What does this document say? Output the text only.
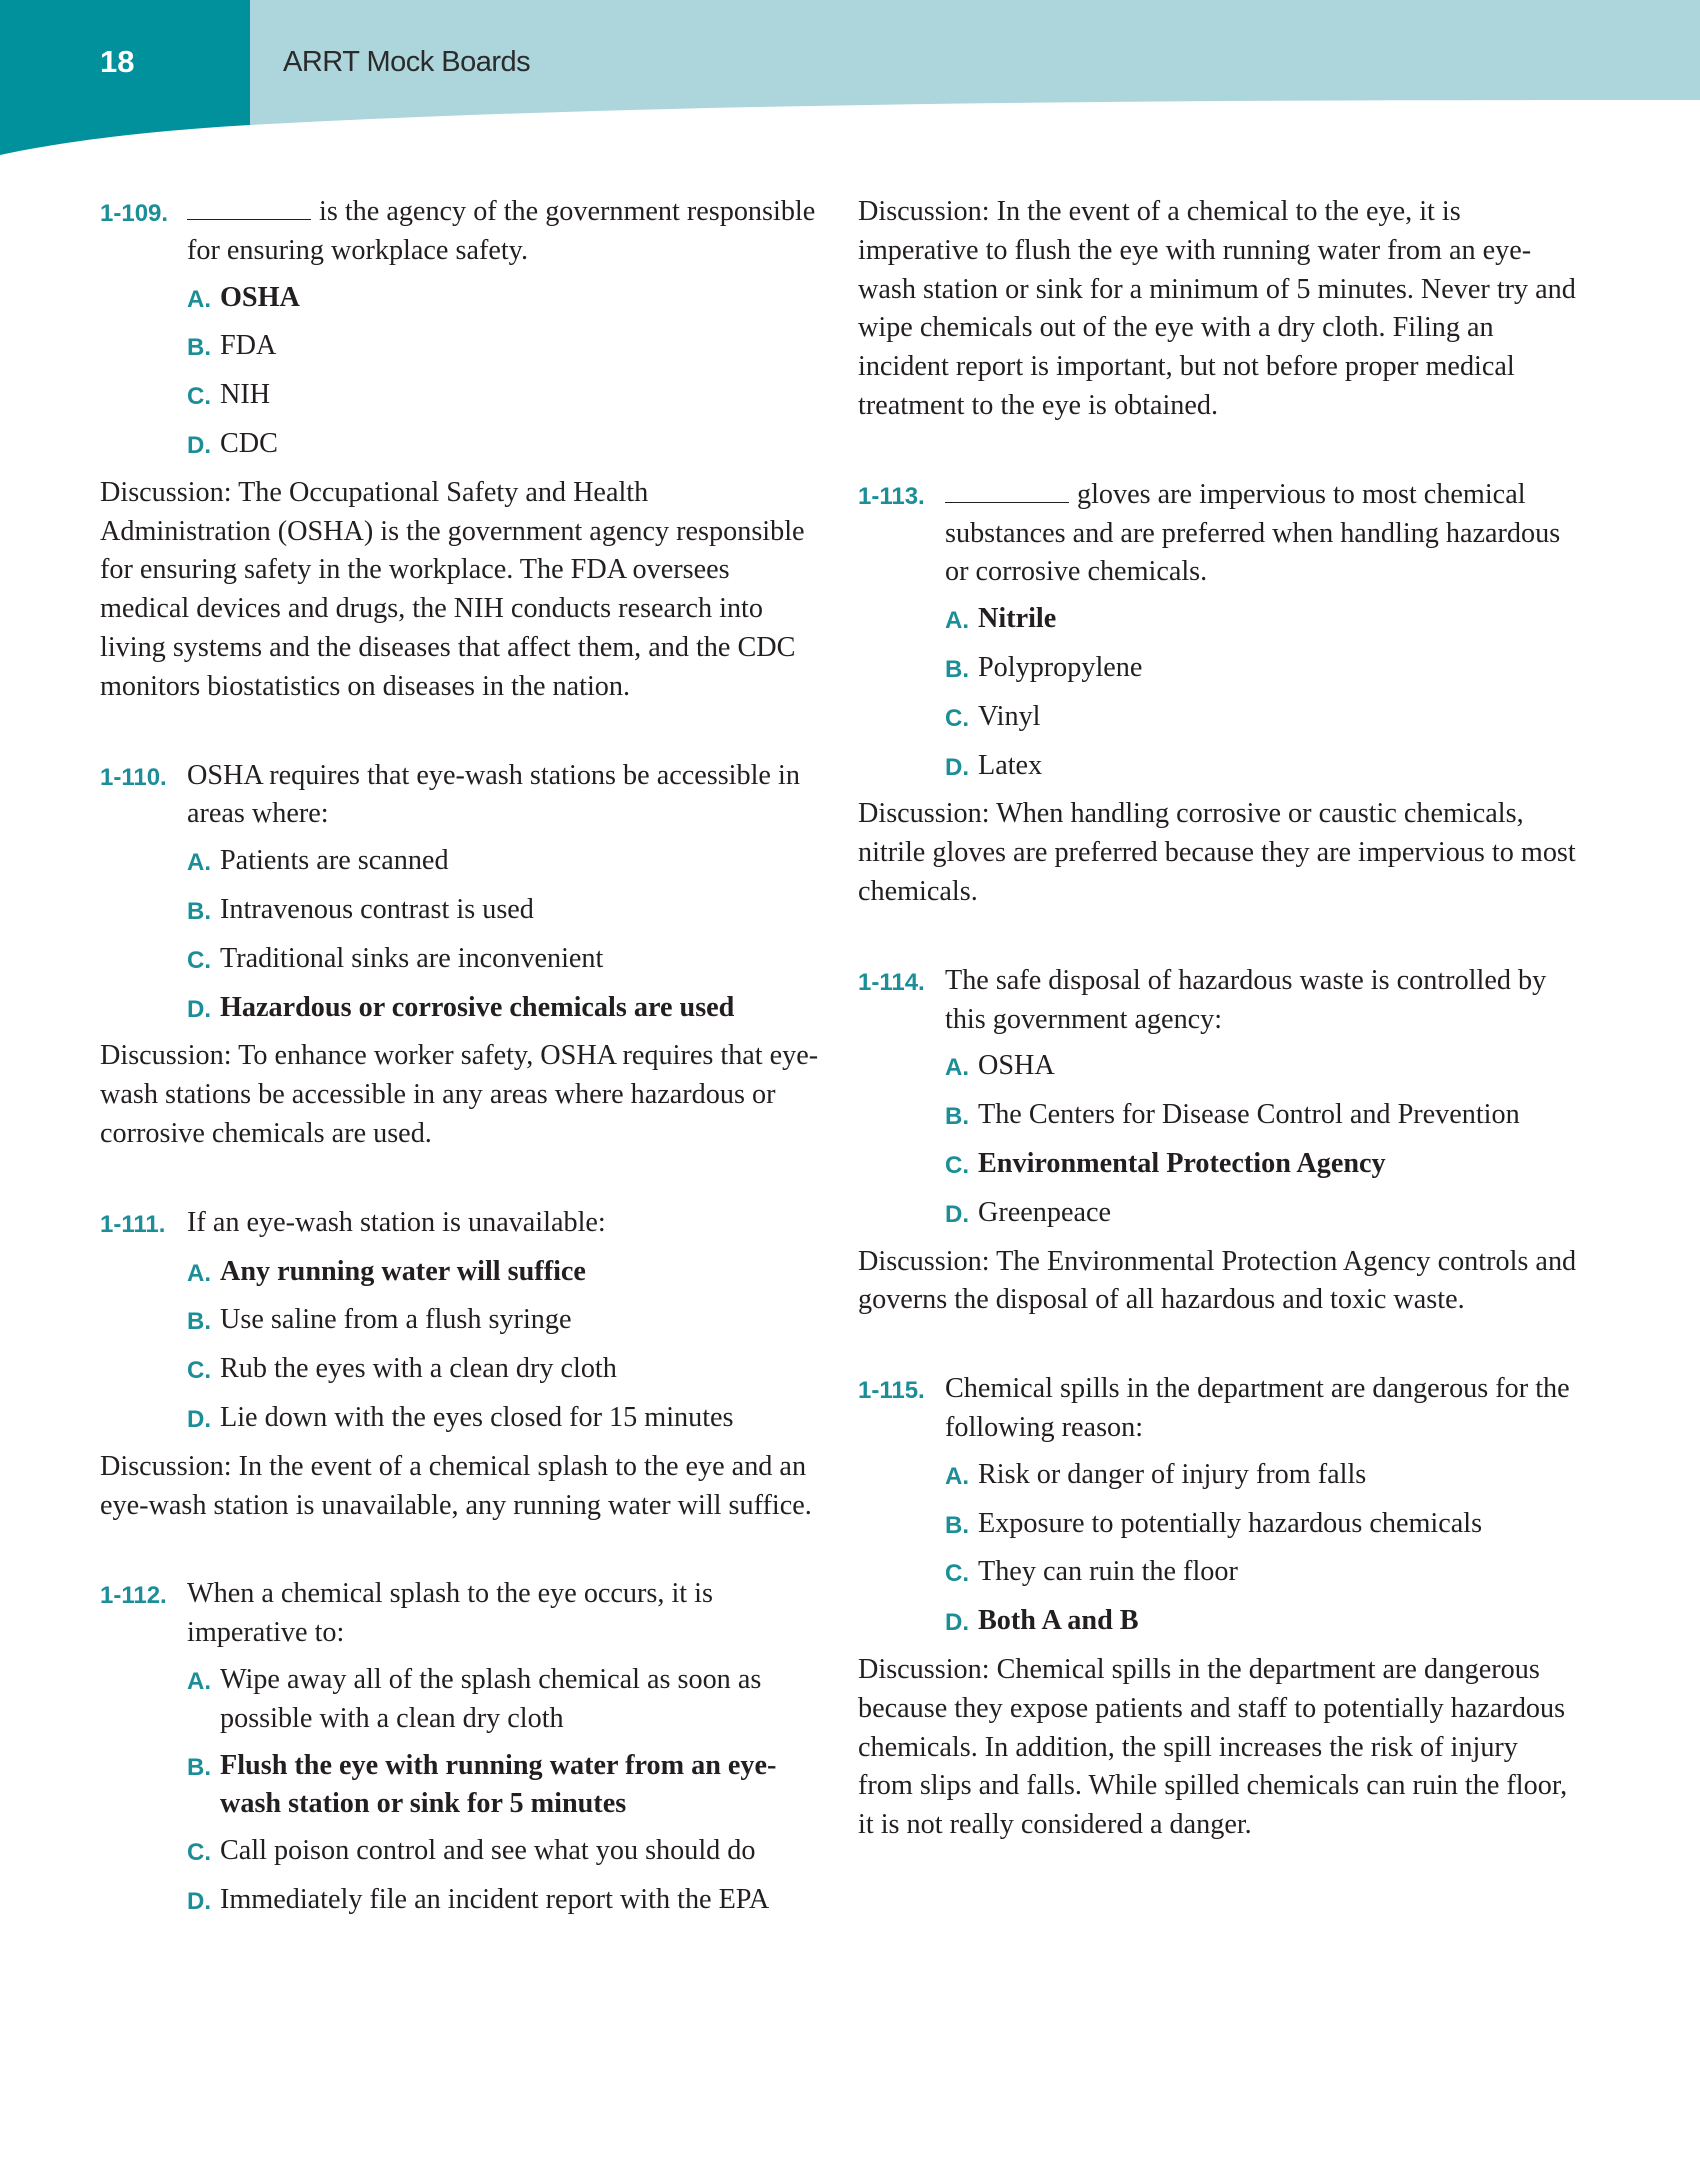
18	ARRT Mock Boards
1-109.	is the agency of the government responsible for ensuring workplace safety.
A. OSHA
B. FDA
C. NIH
D. CDC
Discussion: The Occupational Safety and Health Administration (OSHA) is the government agency responsible for ensuring safety in the workplace. The FDA oversees medical devices and drugs, the NIH conducts research into living systems and the diseases that affect them, and the CDC monitors biostatistics on diseases in the nation.
1-110. OSHA requires that eye-wash stations be accessible in areas where:
A. Patients are scanned
B. Intravenous contrast is used
C. Traditional sinks are inconvenient
D. Hazardous or corrosive chemicals are used
Discussion: To enhance worker safety, OSHA requires that eye-wash stations be accessible in any areas where hazardous or corrosive chemicals are used.
1-111. If an eye-wash station is unavailable:
A. Any running water will suffice
B. Use saline from a flush syringe
C. Rub the eyes with a clean dry cloth
D. Lie down with the eyes closed for 15 minutes
Discussion: In the event of a chemical splash to the eye and an eye-wash station is unavailable, any running water will suffice.
1-112. When a chemical splash to the eye occurs, it is imperative to:
A. Wipe away all of the splash chemical as soon as possible with a clean dry cloth
B. Flush the eye with running water from an eye-wash station or sink for 5 minutes
C. Call poison control and see what you should do
D. Immediately file an incident report with the EPA
Discussion: In the event of a chemical to the eye, it is imperative to flush the eye with running water from an eye-wash station or sink for a minimum of 5 minutes. Never try and wipe chemicals out of the eye with a dry cloth. Filing an incident report is important, but not before proper medical treatment to the eye is obtained.
1-113.	gloves are impervious to most chemical substances and are preferred when handling hazardous or corrosive chemicals.
A. Nitrile
B. Polypropylene
C. Vinyl
D. Latex
Discussion: When handling corrosive or caustic chemicals, nitrile gloves are preferred because they are impervious to most chemicals.
1-114. The safe disposal of hazardous waste is controlled by this government agency:
A. OSHA
B. The Centers for Disease Control and Prevention
C. Environmental Protection Agency
D. Greenpeace
Discussion: The Environmental Protection Agency controls and governs the disposal of all hazardous and toxic waste.
1-115. Chemical spills in the department are dangerous for the following reason:
A. Risk or danger of injury from falls
B. Exposure to potentially hazardous chemicals
C. They can ruin the floor
D. Both A and B
Discussion: Chemical spills in the department are dangerous because they expose patients and staff to potentially hazardous chemicals. In addition, the spill increases the risk of injury from slips and falls. While spilled chemicals can ruin the floor, it is not really considered a danger.
